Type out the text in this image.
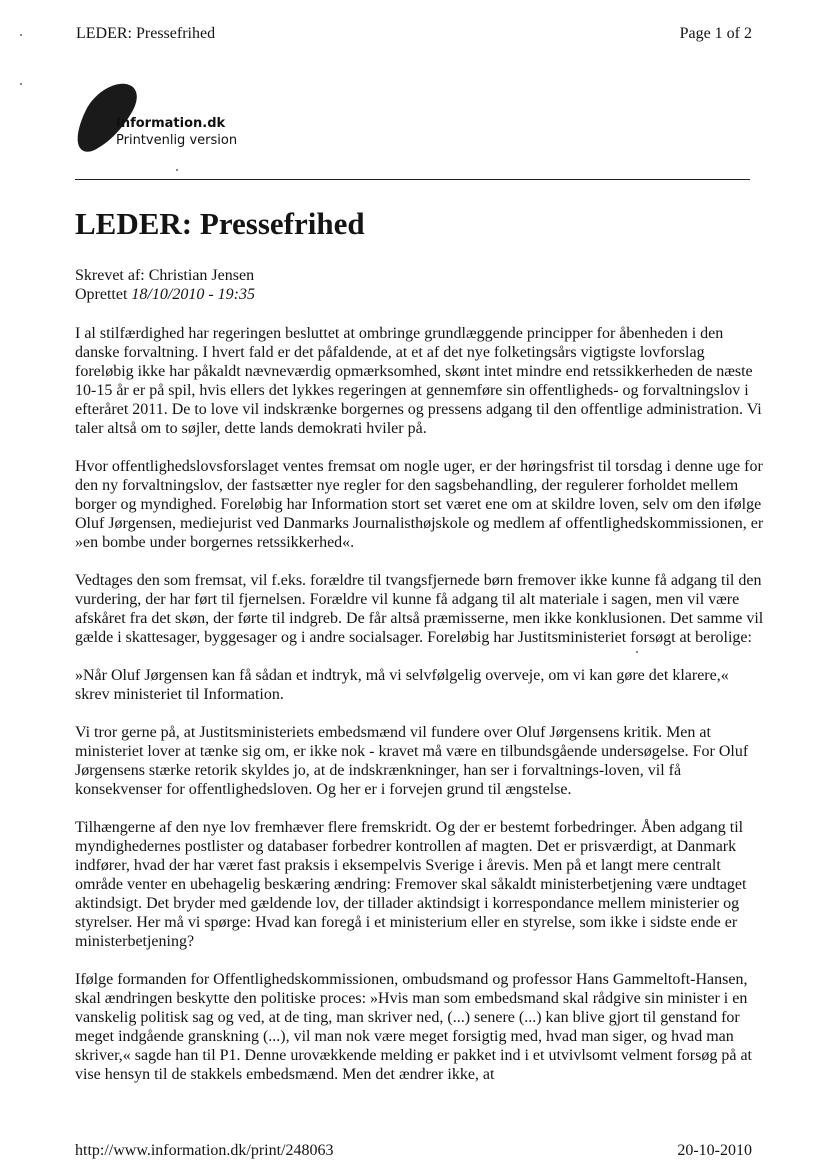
LEDER: Pressefrihed	Page 1 of 2
Information.dk
Printvenlig version
LEDER: Pressefrihed
Skrevet af: Christian Jensen
Oprettet 18/10/2010 - 19:35

I al stilfærdighed har regeringen besluttet at ombringe grundlæggende principper for åbenheden i den danske forvaltning. I hvert fald er det påfaldende, at et af det nye folketingsårs vigtigste lovforslag foreløbig ikke har påkaldt nævneværdig opmærksomhed, skønt intet mindre end retssikkerheden de næste 10-15 år er på spil, hvis ellers det lykkes regeringen at gennemføre sin offentligheds- og forvaltningslov i efteråret 2011. De to love vil indskrænke borgernes og pressens adgang til den offentlige administration. Vi taler altså om to søjler, dette lands demokrati hviler på.

Hvor offentlighedslovsforslaget ventes fremsat om nogle uger, er der høringsfrist til torsdag i denne uge for den ny forvaltningslov, der fastsætter nye regler for den sagsbehandling, der regulerer forholdet mellem borger og myndighed. Foreløbig har Information stort set været ene om at skildre loven, selv om den ifølge Oluf Jørgensen, mediejurist ved Danmarks Journalisthøjskole og medlem af offentlighedskommissionen, er »en bombe under borgernes retssikkerhed«.

Vedtages den som fremsat, vil f.eks. forældre til tvangsfjernede børn fremover ikke kunne få adgang til den vurdering, der har ført til fjernelsen. Forældre vil kunne få adgang til alt materiale i sagen, men vil være afskåret fra det skøn, der førte til indgreb. De får altså præmisserne, men ikke konklusionen. Det samme vil gælde i skattesager, byggesager og i andre socialsager. Foreløbig har Justitsministeriet forsøgt at berolige:

»Når Oluf Jørgensen kan få sådan et indtryk, må vi selvfølgelig overveje, om vi kan gøre det klarere,« skrev ministeriet til Information.

Vi tror gerne på, at Justitsministeriets embedsmænd vil fundere over Oluf Jørgensens kritik. Men at ministeriet lover at tænke sig om, er ikke nok - kravet må være en tilbundsgående undersøgelse. For Oluf Jørgensens stærke retorik skyldes jo, at de indskrænkninger, han ser i forvaltnings-loven, vil få konsekvenser for offentlighedsloven. Og her er i forvejen grund til ængstelse.

Tilhængerne af den nye lov fremhæver flere fremskridt. Og der er bestemt forbedringer. Åben adgang til myndighedernes postlister og databaser forbedrer kontrollen af magten. Det er prisværdigt, at Danmark indfører, hvad der har været fast praksis i eksempelvis Sverige i årevis. Men på et langt mere centralt område venter en ubehagelig beskæring ændring: Fremover skal såkaldt ministerbetjening være undtaget aktindsigt. Det bryder med gældende lov, der tillader aktindsigt i korrespondance mellem ministerier og styrelser. Her må vi spørge: Hvad kan foregå i et ministerium eller en styrelse, som ikke i sidste ende er ministerbetjening?

Ifølge formanden for Offentlighedskommissionen, ombudsmand og professor Hans Gammeltoft-Hansen, skal ændringen beskytte den politiske proces: »Hvis man som embedsmand skal rådgive sin minister i en vanskelig politisk sag og ved, at de ting, man skriver ned, (...) senere (...) kan blive gjort til genstand for meget indgående granskning (...), vil man nok være meget forsigtig med, hvad man siger, og hvad man skriver,« sagde han til P1. Denne urovækkende melding er pakket ind i et utvivlsomt velment forsøg på at vise hensyn til de stakkels embedsmænd. Men det ændrer ikke, at

http://www.information.dk/print/248063	20-10-2010
